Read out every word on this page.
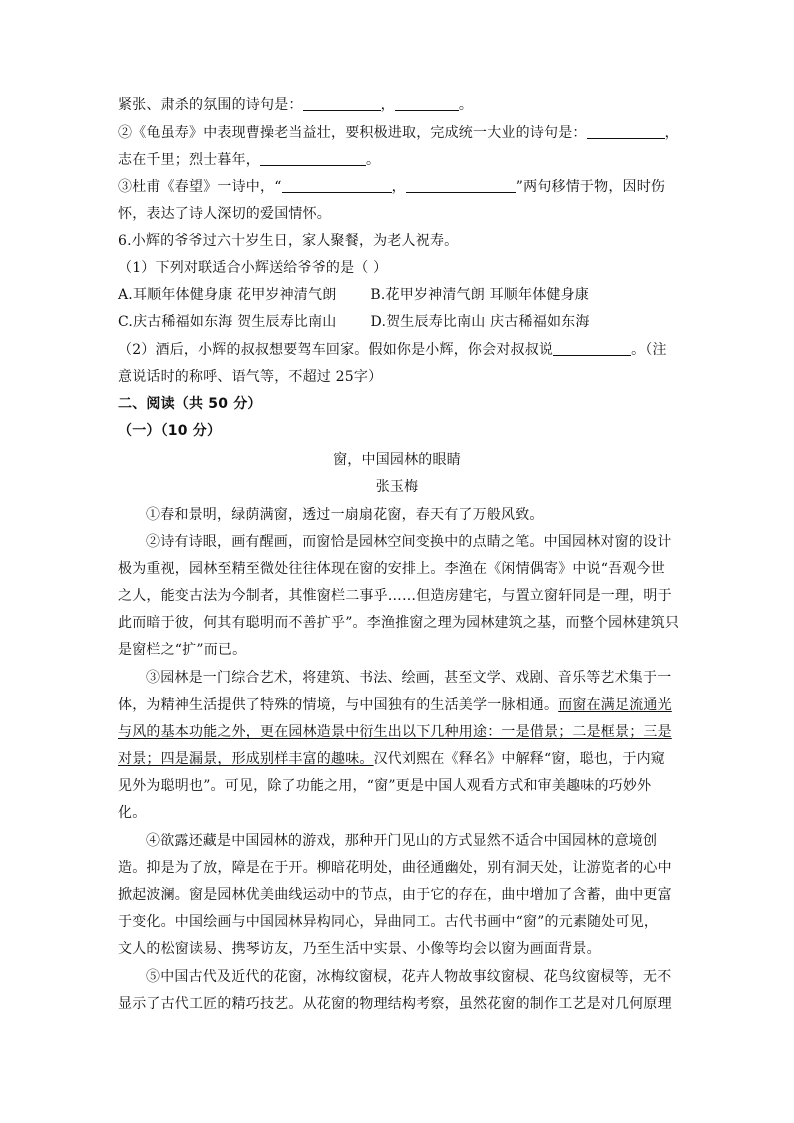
紧张、肃杀的氛围的诗句是：	，	。
②《龟虽寿》中表现曹操老当益壮，要积极进取，完成统一大业的诗句是：	，
志在千里；烈士暮年，	。
③杜甫《春望》一诗中，“	，	”两句移情于物，因时伤
怀，表达了诗人深切的爱国情怀。
6.小辉的爷爷过六十岁生日，家人聚餐，为老人祝寿。
（1）下列对联适合小辉送给爷爷的是（ ）
A.耳顺年体健身康 花甲岁神清气朗 B.花甲岁神清气朗 耳顺年体健身康
C.庆古稀福如东海 贺生辰寿比南山 D.贺生辰寿比南山 庆古稀福如东海
（2）酒后，小辉的叔叔想要驾车回家。假如你是小辉，你会对叔叔说	。（注
意说话时的称呼、语气等，不超过 25字）
二、阅读（共 50 分）
（一）（10 分）
窗，中国园林的眼睛
张玉梅
①春和景明，绿荫满窗，透过一扇扇花窗，春天有了万般风致。
②诗有诗眼，画有醒画，而窗恰是园林空间变换中的点睛之笔。中国园林对窗的设计
极为重视，园林至精至微处往往体现在窗的安排上。李渔在《闲情偶寄》中说“吾观今世
之人，能变古法为今制者，其惟窗栏二事乎……但造房建宅，与置立窗轩同是一理，明于
此而暗于彼，何其有聪明而不善扩乎”。李渔推窗之理为园林建筑之基，而整个园林建筑只
是窗栏之“扩”而已。
③园林是一门综合艺术，将建筑、书法、绘画，甚至文学、戏剧、音乐等艺术集于一
体，为精神生活提供了特殊的情境，与中国独有的生活美学一脉相通。而窗在满足流通光
与风的基本功能之外，更在园林造景中衍生出以下几种用途：一是借景；二是框景；三是
对景；四是漏景，形成别样丰富的趣味。汉代刘熙在《释名》中解释“窗，聪也，于内窥
见外为聪明也”。可见，除了功能之用，“窗”更是中国人观看方式和审美趣味的巧妙外
化。
④欲露还藏是中国园林的游戏，那种开门见山的方式显然不适合中国园林的意境创
造。抑是为了放，障是在于开。柳暗花明处，曲径通幽处，别有洞天处，让游览者的心中
掀起波澜。窗是园林优美曲线运动中的节点，由于它的存在，曲中增加了含蓄，曲中更富
于变化。中国绘画与中国园林异构同心，异曲同工。古代书画中“窗”的元素随处可见，
文人的松窗读易、携琴访友，乃至生活中实景、小像等均会以窗为画面背景。
⑤中国古代及近代的花窗，冰梅纹窗棂，花卉人物故事纹窗棂、花鸟纹窗棂等，无不
显示了古代工匠的精巧技艺。从花窗的物理结构考察，虽然花窗的制作工艺是对几何原理
